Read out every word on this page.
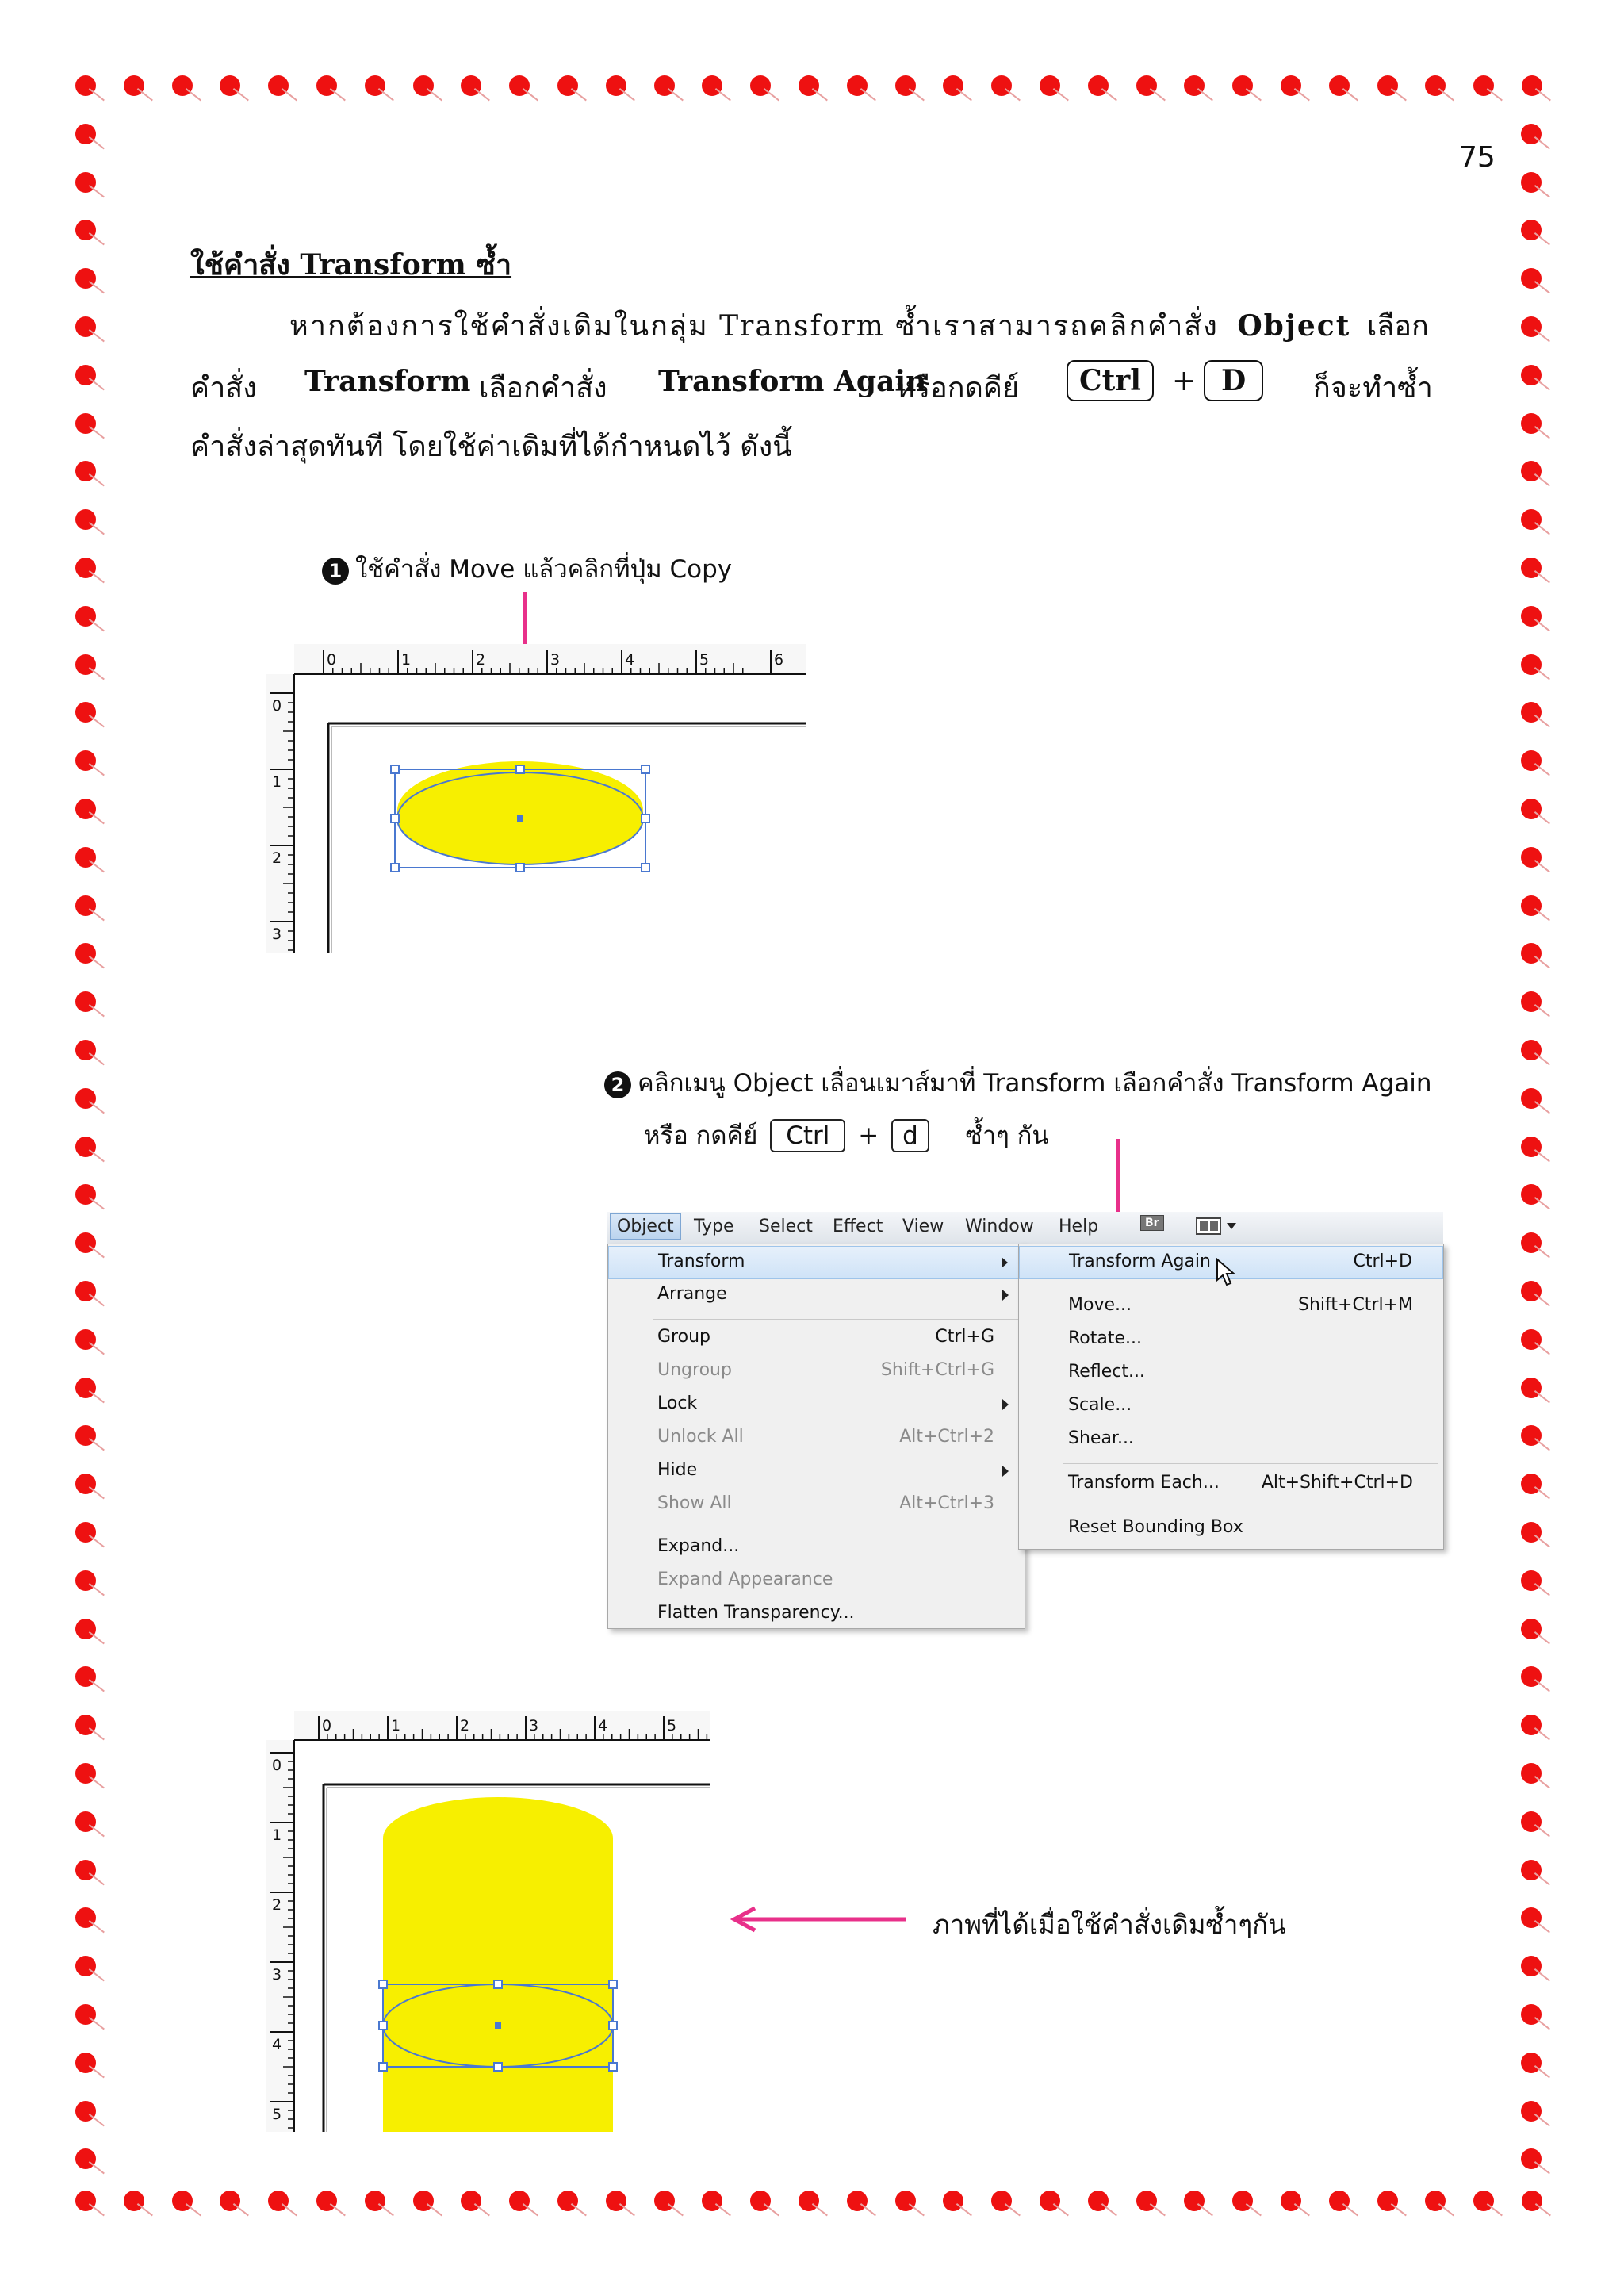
75
ใช้คำสั่ง Transform ซ้ำ
หากต้องการใช้คำสั่งเดิมในกลุ่ม Transform ซ้ำเราสามารถคลิกคำสั่ง Object เลือก
คำสั่ง Transform เลือกคำสั่ง Transform Again
หรือกดคีย์	Ctrl	+ D	ก็จะทำซ้ำ
คำสั่งล่าสุดทันที โดยใช้ค่าเดิมที่ได้กำหนดไว้ ดังนี้
1 ใช้คำสั่ง Move แล้วคลิกที่ปุ่ม Copy
0	1	2	3	4	5	6
0
1
2
3
2 คลิกเมนู Object เลื่อนเมาส์มาที่ Transform เลือกคำสั่ง Transform Again
หรือ กดคีย์ Ctrl + d ซ้ำๆ กัน
Object	Type Select Effect View Window Help	Br
Transform
Arrange
Group	Ctrl+G
Ungroup	Shift+Ctrl+G
Lock
Unlock All	Alt+Ctrl+2
Hide
Show All	Alt+Ctrl+3
Expand...
Expand Appearance
Flatten Transparency...
Transform Again	Ctrl+D
Move...	Shift+Ctrl+M
Rotate...
Reflect...
Scale...
Shear...
Transform Each... Alt+Shift+Ctrl+D
Reset Bounding Box
0	1	2	3	4	5
0
1
2
3
4
5
ภาพที่ได้เมื่อใช้คำสั่งเดิมซ้ำๆกัน
